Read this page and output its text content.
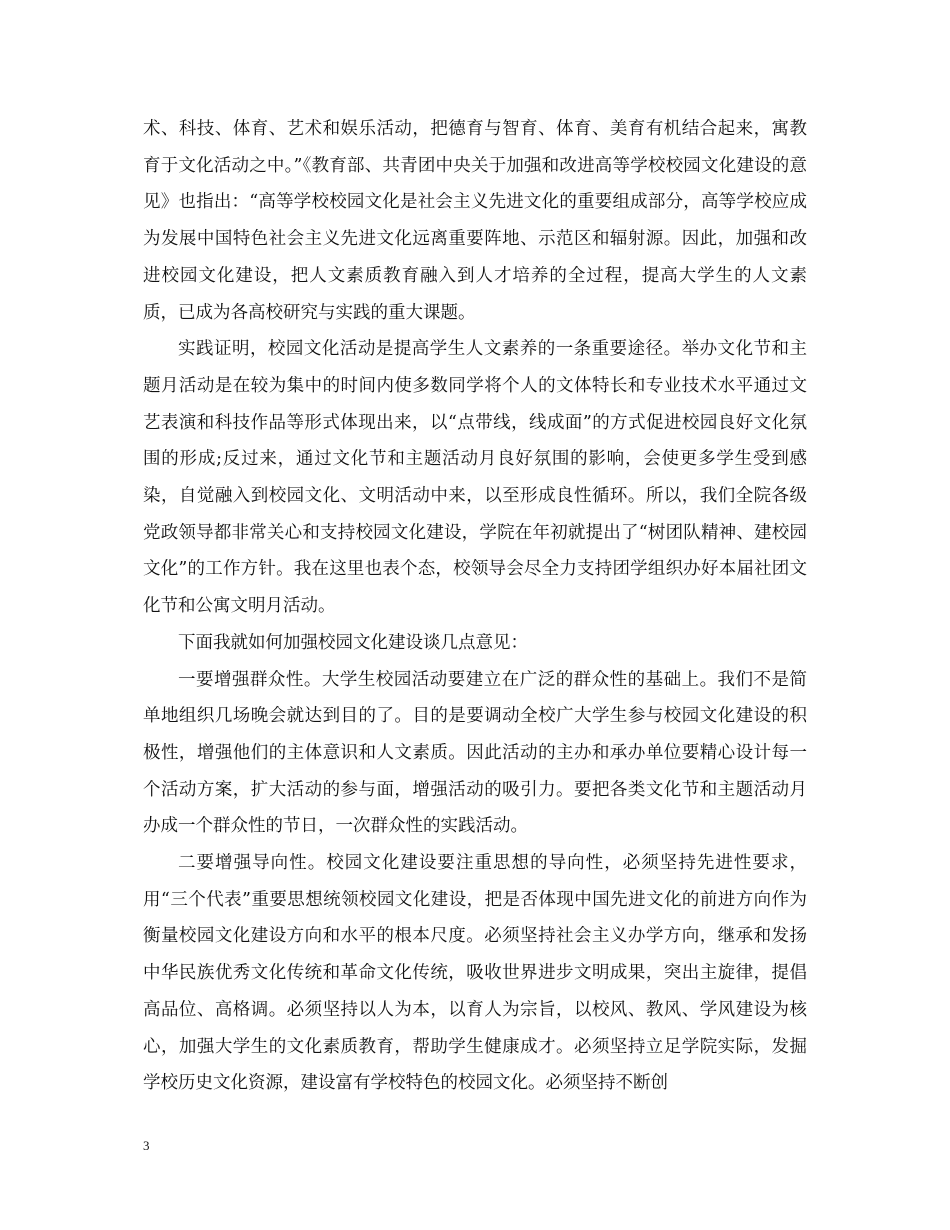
术、科技、体育、艺术和娱乐活动，把德育与智育、体育、美育有机结合起来，寓教育于文化活动之中。”《教育部、共青团中央关于加强和改进高等学校校园文化建设的意见》也指出：“高等学校校园文化是社会主义先进文化的重要组成部分，高等学校应成为发展中国特色社会主义先进文化远离重要阵地、示范区和辐射源。因此，加强和改进校园文化建设，把人文素质教育融入到人才培养的全过程，提高大学生的人文素质，已成为各高校研究与实践的重大课题。

实践证明，校园文化活动是提高学生人文素养的一条重要途径。举办文化节和主题月活动是在较为集中的时间内使多数同学将个人的文体特长和专业技术水平通过文艺表演和科技作品等形式体现出来，以“点带线，线成面”的方式促进校园良好文化氛围的形成;反过来，通过文化节和主题活动月良好氛围的影响，会使更多学生受到感染，自觉融入到校园文化、文明活动中来，以至形成良性循环。所以，我们全院各级党政领导都非常关心和支持校园文化建设，学院在年初就提出了“树团队精神、建校园文化”的工作方针。我在这里也表个态，校领导会尽全力支持团学组织办好本届社团文化节和公寓文明月活动。

下面我就如何加强校园文化建设谈几点意见：

一要增强群众性。大学生校园活动要建立在广泛的群众性的基础上。我们不是简单地组织几场晚会就达到目的了。目的是要调动全校广大学生参与校园文化建设的积极性，增强他们的主体意识和人文素质。因此活动的主办和承办单位要精心设计每一个活动方案，扩大活动的参与面，增强活动的吸引力。要把各类文化节和主题活动月办成一个群众性的节日，一次群众性的实践活动。

二要增强导向性。校园文化建设要注重思想的导向性，必须坚持先进性要求，用“三个代表”重要思想统领校园文化建设，把是否体现中国先进文化的前进方向作为衡量校园文化建设方向和水平的根本尺度。必须坚持社会主义办学方向，继承和发扬中华民族优秀文化传统和革命文化传统，吸收世界进步文明成果，突出主旋律，提倡高品位、高格调。必须坚持以人为本，以育人为宗旨，以校风、教风、学风建设为核心，加强大学生的文化素质教育，帮助学生健康成才。必须坚持立足学院实际，发掘学校历史文化资源，建设富有学校特色的校园文化。必须坚持不断创

3
